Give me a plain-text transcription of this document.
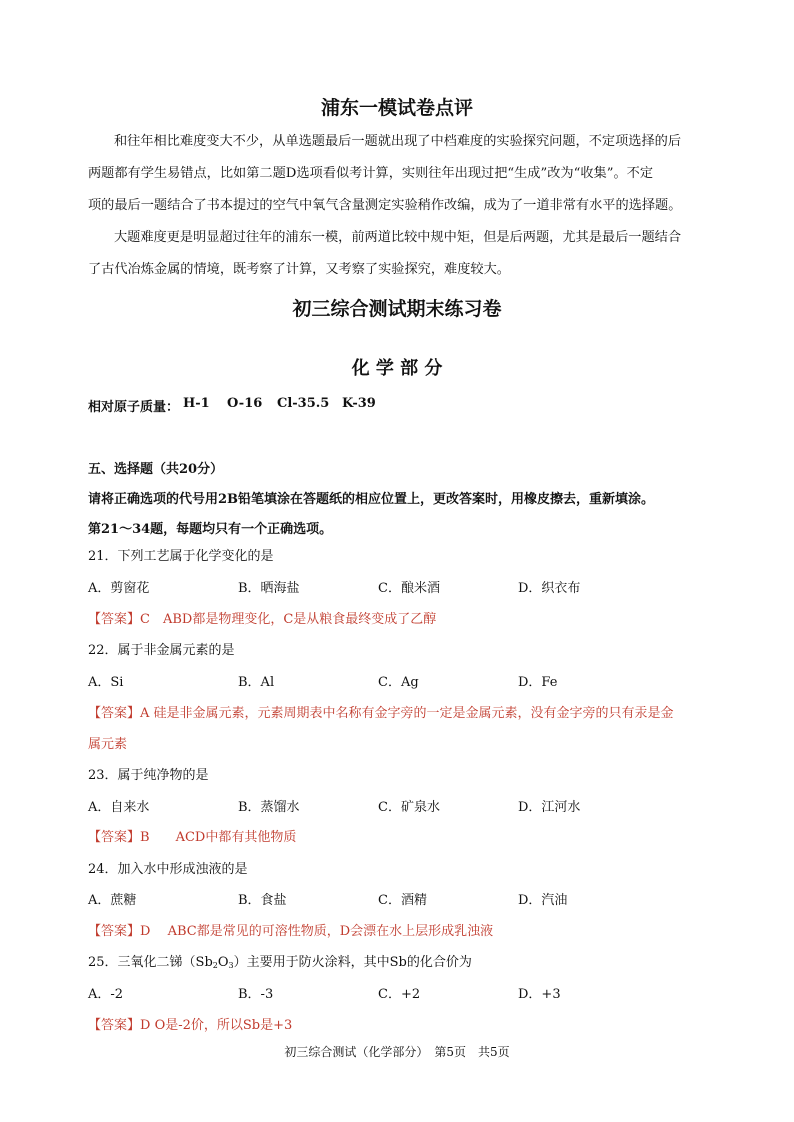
浦东一模试卷点评
和往年相比难度变大不少，从单选题最后一题就出现了中档难度的实验探究问题，不定项选择的后
两题都有学生易错点，比如第二题D选项看似考计算，实则往年出现过把“生成”改为“收集”。不定
项的最后一题结合了书本提过的空气中氧气含量测定实验稍作改编，成为了一道非常有水平的选择题。
大题难度更是明显超过往年的浦东一模，前两道比较中规中矩，但是后两题，尤其是最后一题结合
了古代冶炼金属的情境，既考察了计算，又考察了实验探究，难度较大。
初三综合测试期末练习卷
化 学 部 分
相对原子质量： H-1 O-16 Cl-35.5 K-39
五、选择题（共20分）
请将正确选项的代号用2B铅笔填涂在答题纸的相应位置上，更改答案时，用橡皮擦去，重新填涂。
第21～34题，每题均只有一个正确选项。
21．下列工艺属于化学变化的是
A．剪窗花	B．晒海盐	C．酿米酒	D．织衣布
【答案】C　ABD都是物理变化，C是从粮食最终变成了乙醇
22．属于非金属元素的是
A．Si	B．Al	C．Ag	D．Fe
【答案】A 硅是非金属元素，元素周期表中名称有金字旁的一定是金属元素，没有金字旁的只有汞是金
属元素
23．属于纯净物的是
A．自来水	B．蒸馏水	C．矿泉水	D．江河水
【答案】B　　ACD中都有其他物质
24．加入水中形成浊液的是
A．蔗糖	B．食盐	C．酒精	D．汽油
【答案】D　 ABC都是常见的可溶性物质，D会漂在水上层形成乳浊液
25．三氧化二锑$(Sb_2O_3)$主要用于防火涂料，其中Sb的化合价为
A．-2	B．-3	C．+2	D．+3
【答案】D O是-2价，所以Sb是+3
初三综合测试（化学部分）　第5页　共5页
